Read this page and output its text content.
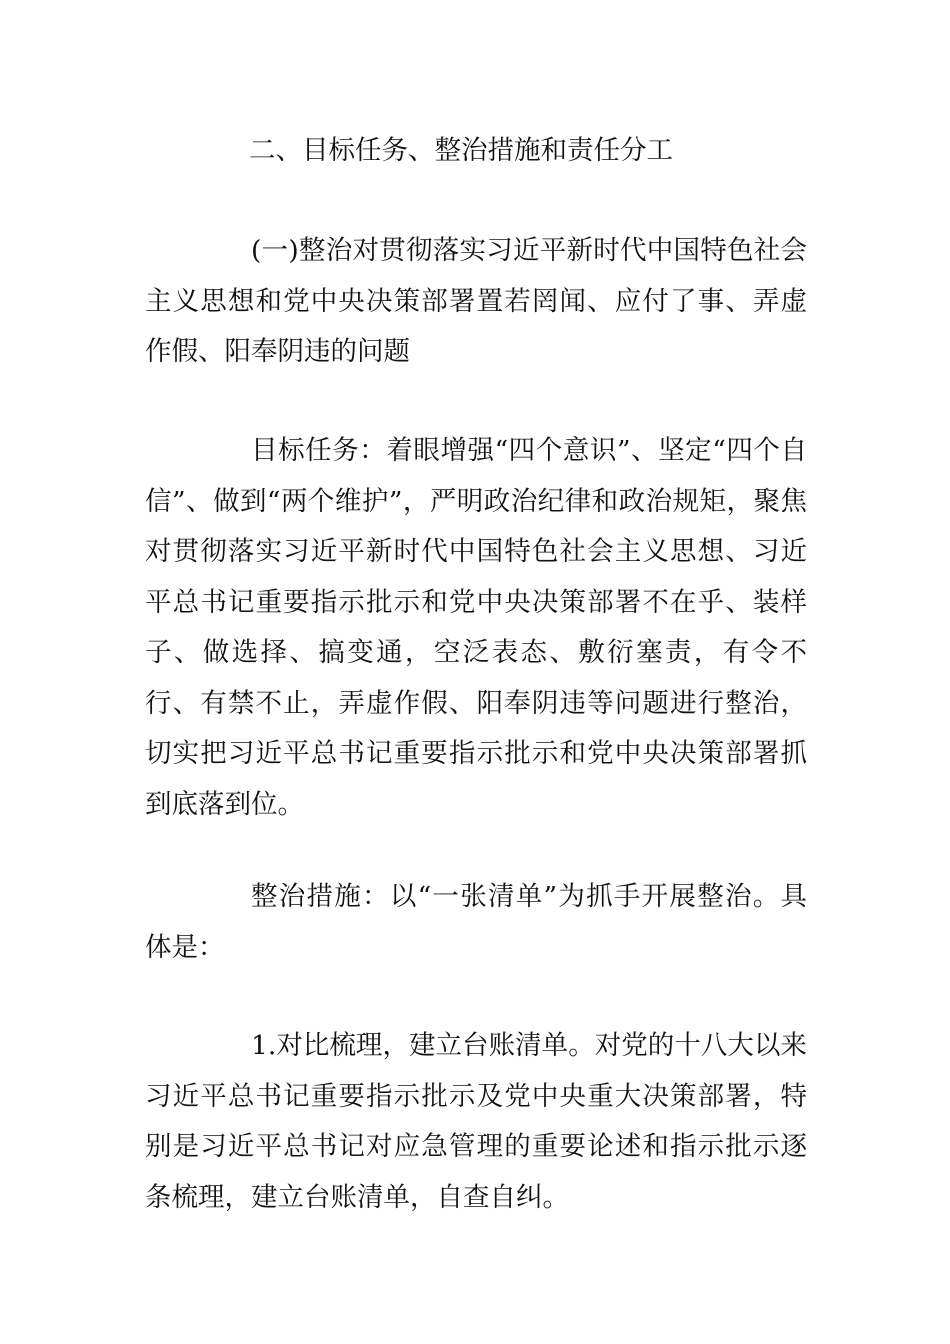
二、目标任务、整治措施和责任分工

(一)整治对贯彻落实习近平新时代中国特色社会主义思想和党中央决策部署置若罔闻、应付了事、弄虚作假、阳奉阴违的问题

目标任务：着眼增强“四个意识”、坚定“四个自信”、做到“两个维护”，严明政治纪律和政治规矩，聚焦对贯彻落实习近平新时代中国特色社会主义思想、习近平总书记重要指示批示和党中央决策部署不在乎、装样子、做选择、搞变通，空泛表态、敷衍塞责，有令不行、有禁不止，弄虚作假、阳奉阴违等问题进行整治，切实把习近平总书记重要指示批示和党中央决策部署抓到底落到位。

整治措施：以“一张清单”为抓手开展整治。具体是：

1.对比梳理，建立台账清单。对党的十八大以来习近平总书记重要指示批示及党中央重大决策部署，特别是习近平总书记对应急管理的重要论述和指示批示逐条梳理，建立台账清单，自查自纠。
